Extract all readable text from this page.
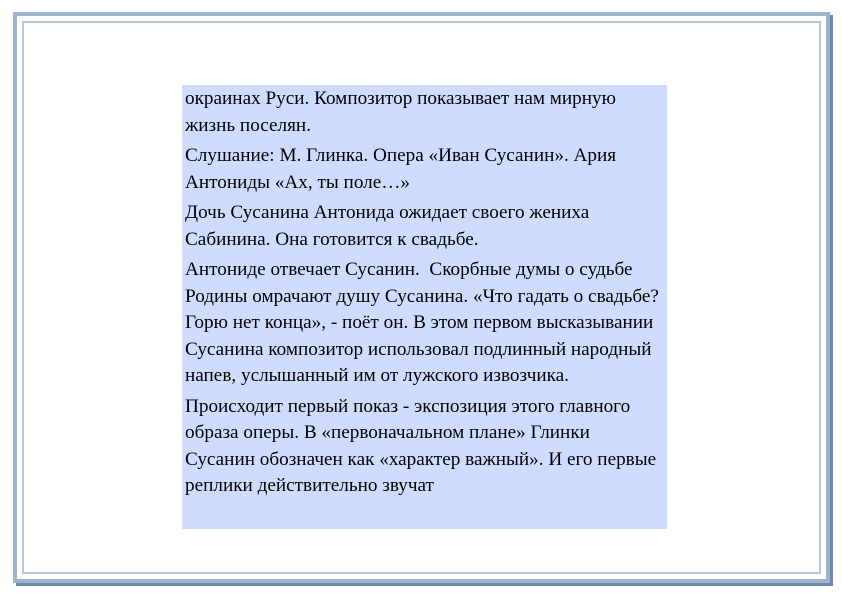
окраинах Руси. Композитор показывает нам мирную жизнь поселян.

Слушание: М. Глинка. Опера «Иван Сусанин». Ария Антониды «Ах, ты поле…»

Дочь Сусанина Антонида ожидает своего жениха Сабинина. Она готовится к свадьбе.

Антониде отвечает Сусанин.  Скорбные думы о судьбе Родины омрачают душу Сусанина. «Что гадать о свадьбе? Горю нет конца», - поёт он. В этом первом высказывании Сусанина композитор использовал подлинный народный напев, услышанный им от лужского извозчика.

Происходит первый показ - экспозиция этого главного образа оперы. В «первоначальном плане» Глинки Сусанин обозначен как «характер важный». И его первые реплики действительно звучат
